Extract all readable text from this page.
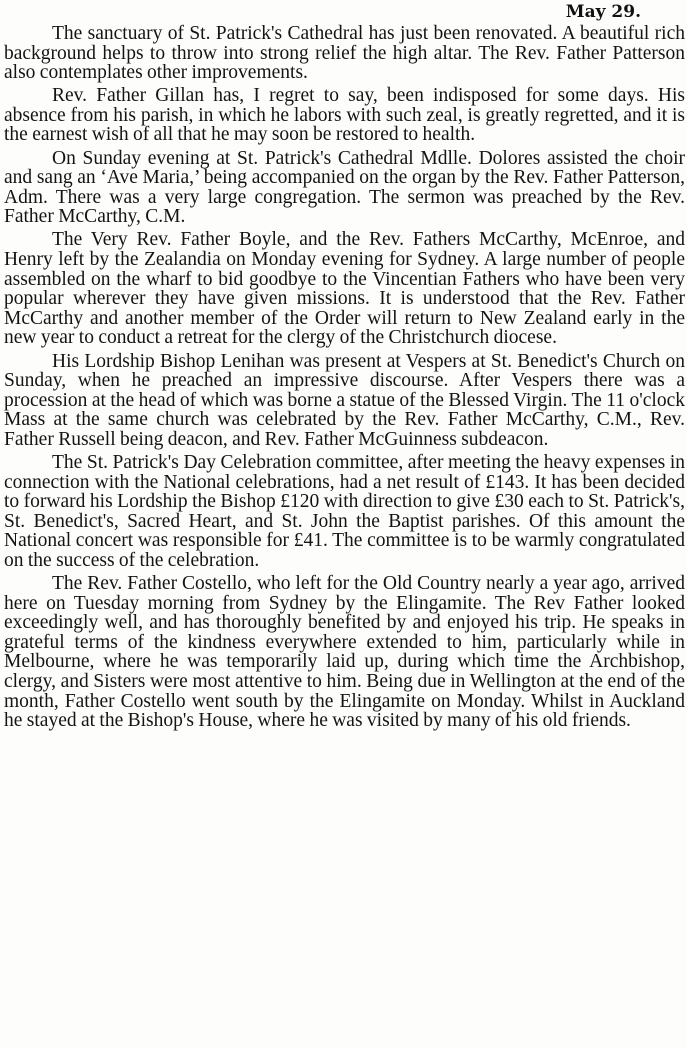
May 29.

The sanctuary of St. Patrick's Cathedral has just been renovated. A beautiful rich background helps to throw into strong relief the high altar. The Rev. Father Patterson also contemplates other improvements.

Rev. Father Gillan has, I regret to say, been indisposed for some days. His absence from his parish, in which he labors with such zeal, is greatly regretted, and it is the earnest wish of all that he may soon be restored to health.

On Sunday evening at St. Patrick's Cathedral Mdlle. Dolores assisted the choir and sang an ‘Ave Maria,’ being accompanied on the organ by the Rev. Father Patterson, Adm. There was a very large congregation. The sermon was preached by the Rev. Father McCarthy, C.M.

The Very Rev. Father Boyle, and the Rev. Fathers McCarthy, McEnroe, and Henry left by the Zealandia on Monday evening for Sydney. A large number of people assembled on the wharf to bid goodbye to the Vincentian Fathers who have been very popular wherever they have given missions. It is understood that the Rev. Father McCarthy and another member of the Order will return to New Zealand early in the new year to conduct a retreat for the clergy of the Christchurch diocese.

His Lordship Bishop Lenihan was present at Vespers at St. Benedict's Church on Sunday, when he preached an impressive discourse. After Vespers there was a procession at the head of which was borne a statue of the Blessed Virgin. The 11 o'clock Mass at the same church was celebrated by the Rev. Father McCarthy, C.M., Rev. Father Russell being deacon, and Rev. Father McGuinness subdeacon.

The St. Patrick's Day Celebration committee, after meeting the heavy expenses in connection with the National celebrations, had a net result of £143. It has been decided to forward his Lordship the Bishop £120 with direction to give £30 each to St. Patrick's, St. Benedict's, Sacred Heart, and St. John the Baptist parishes. Of this amount the National concert was responsible for £41. The committee is to be warmly congratulated on the success of the celebration.

The Rev. Father Costello, who left for the Old Country nearly a year ago, arrived here on Tuesday morning from Sydney by the Elingamite. The Rev Father looked exceedingly well, and has thoroughly benefited by and enjoyed his trip. He speaks in grateful terms of the kindness everywhere extended to him, particularly while in Melbourne, where he was temporarily laid up, during which time the Archbishop, clergy, and Sisters were most attentive to him. Being due in Wellington at the end of the month, Father Costello went south by the Elingamite on Monday. Whilst in Auckland he stayed at the Bishop's House, where he was visited by many of his old friends.
